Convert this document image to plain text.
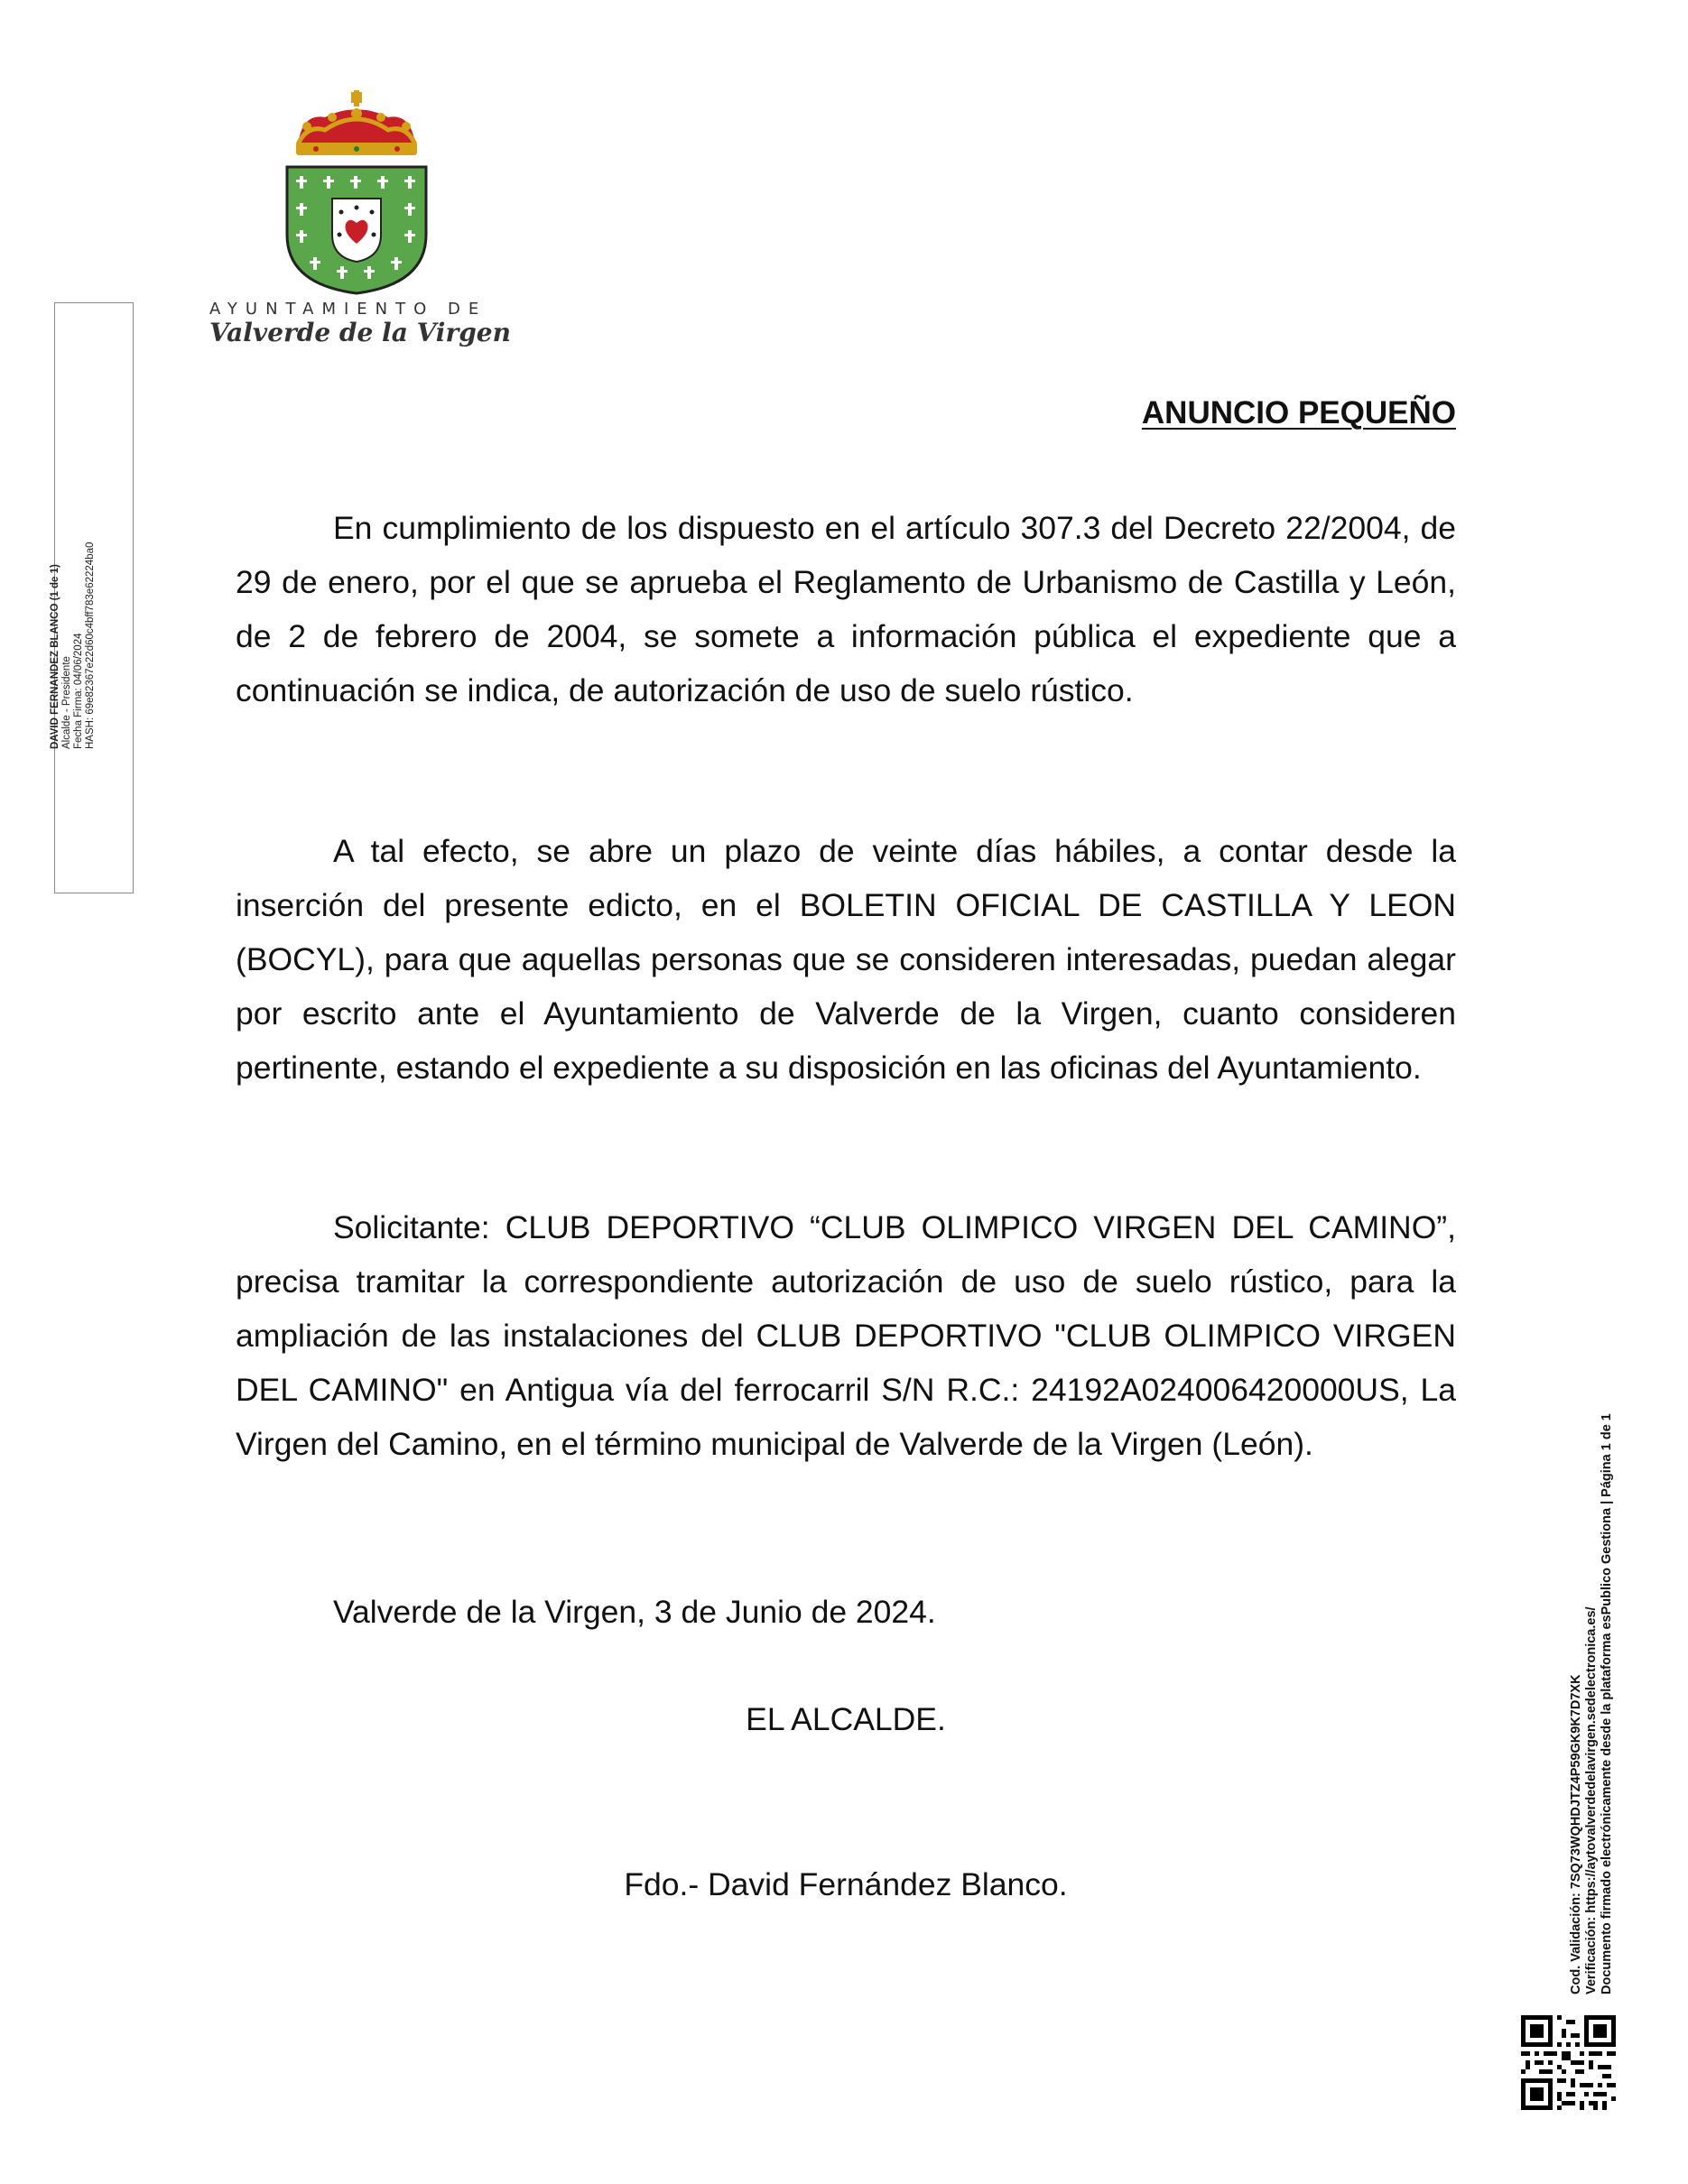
AYUNTAMIENTO DE
Valverde de la Virgen
DAVID FERNANDEZ BLANCO (1 de 1) Alcalde - Presidente Fecha Firma: 04/06/2024 HASH: 69e82367e22d60c4bff783e62224ba0
ANUNCIO PEQUEÑO

En cumplimiento de los dispuesto en el artículo 307.3 del Decreto 22/2004, de 29 de enero, por el que se aprueba el Reglamento de Urbanismo de Castilla y León, de 2 de febrero de 2004, se somete a información pública el expediente que a continuación se indica, de autorización de uso de suelo rústico.

A tal efecto, se abre un plazo de veinte días hábiles, a contar desde la inserción del presente edicto, en el BOLETIN OFICIAL DE CASTILLA Y LEON (BOCYL), para que aquellas personas que se consideren interesadas, puedan alegar por escrito ante el Ayuntamiento de Valverde de la Virgen, cuanto consideren pertinente, estando el expediente a su disposición en las oficinas del Ayuntamiento.

Solicitante: CLUB DEPORTIVO “CLUB OLIMPICO VIRGEN DEL CAMINO”, precisa tramitar la correspondiente autorización de uso de suelo rústico, para la ampliación de las instalaciones del CLUB DEPORTIVO "CLUB OLIMPICO VIRGEN DEL CAMINO" en Antigua vía del ferrocarril S/N R.C.: 24192A024006420000US, La Virgen del Camino, en el término municipal de Valverde de la Virgen (León).

Valverde de la Virgen, 3 de Junio de 2024.
EL ALCALDE.
Fdo.- David Fernández Blanco.	Cod. Validación: 7SQ73WQHDJTZ4P59GK9K7D7XK Verificación: https://aytovalverdedelavirgen.sedelectronica.es/ Documento firmado electrónicamente desde la plataforma esPublico Gestiona | Página 1 de 1
